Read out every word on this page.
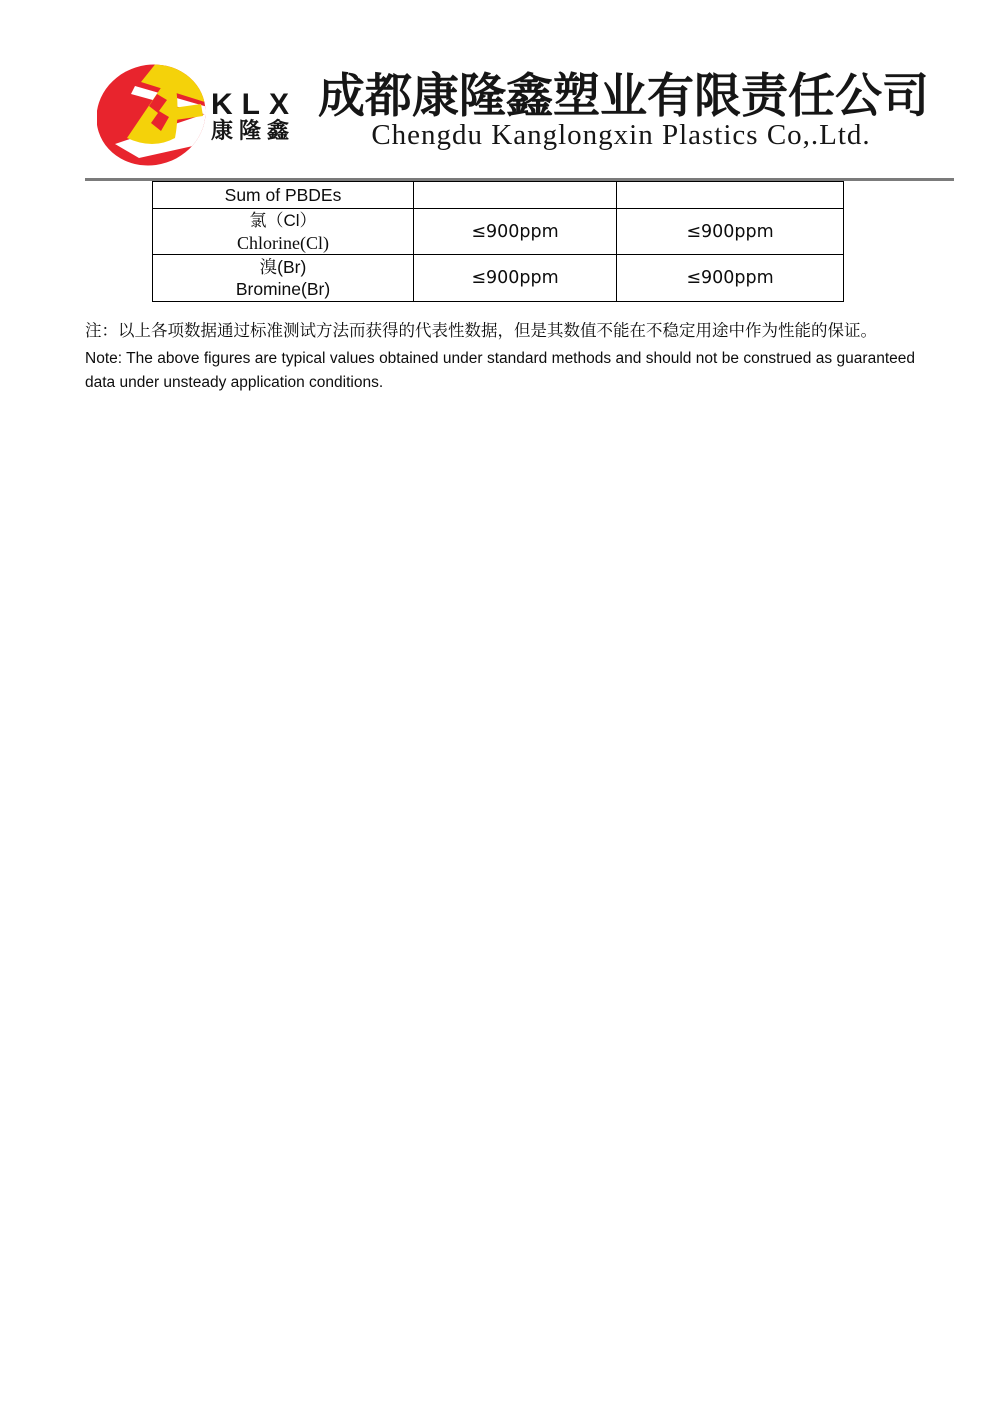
KLX
康隆鑫
成都康隆鑫塑业有限责任公司
Chengdu Kanglongxin Plastics Co,.Ltd.
Sum of PBDEs		

氯（Cl）
Chlorine(Cl)	≤900ppm	≤900ppm

溴(Br)
Bromine(Br)	≤900ppm	≤900ppm
注：以上各项数据通过标准测试方法而获得的代表性数据，但是其数值不能在不稳定用途中作为性能的保证。
Note: The above figures are typical values obtained under standard methods and should not be construed as guaranteed data under unsteady application conditions.
